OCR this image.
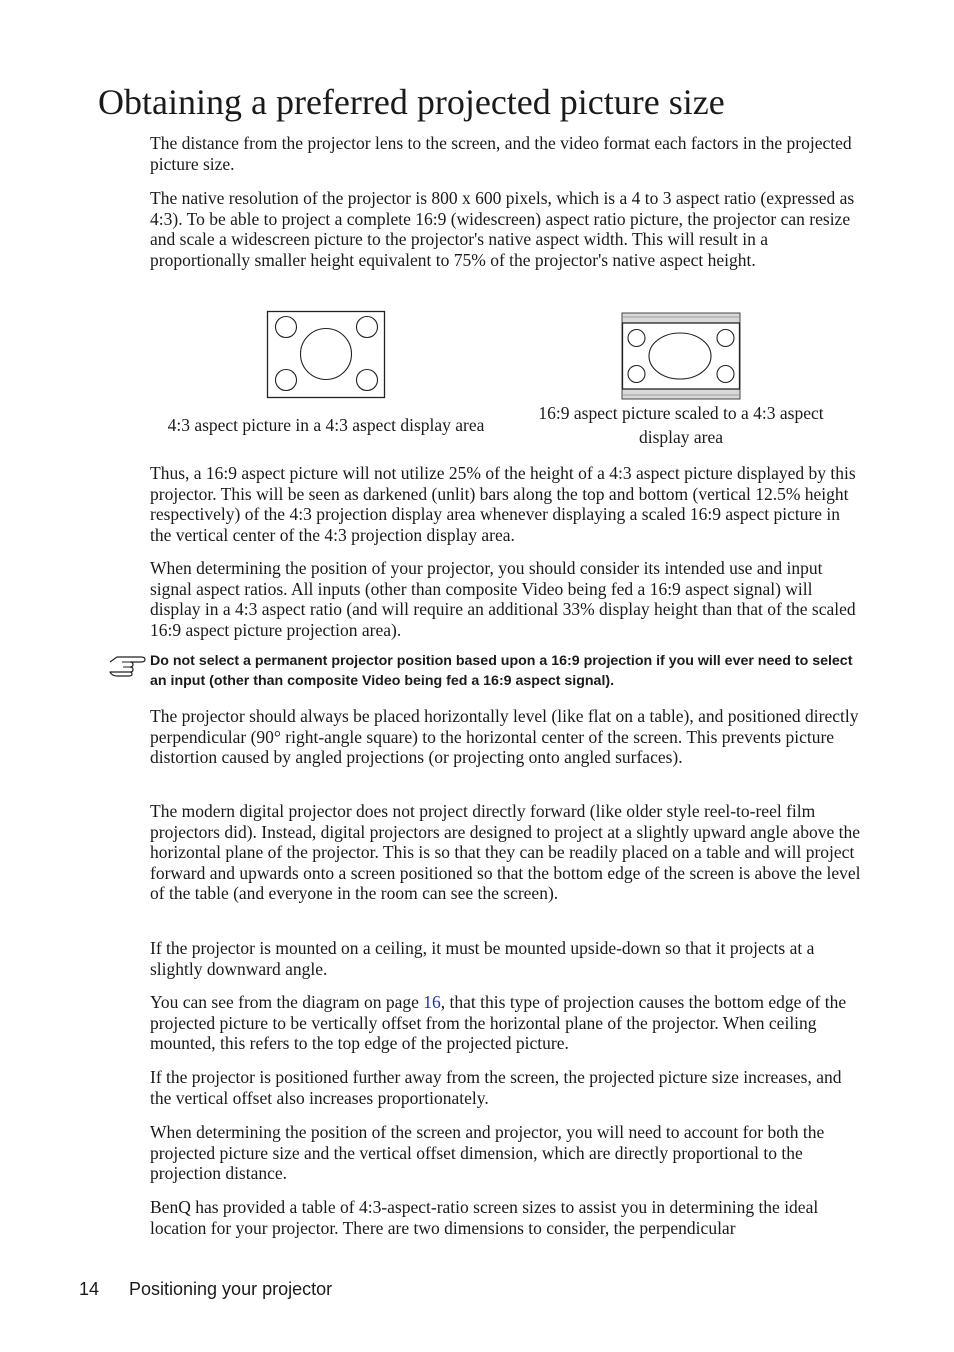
Obtaining a preferred projected picture size

The distance from the projector lens to the screen, and the video format each factors in the projected picture size.

The native resolution of the projector is 800 x 600 pixels, which is a 4 to 3 aspect ratio (expressed as 4:3). To be able to project a complete 16:9 (widescreen) aspect ratio picture, the projector can resize and scale a widescreen picture to the projector's native aspect width. This will result in a proportionally smaller height equivalent to 75% of the projector's native aspect height.

4:3 aspect picture in a 4:3 aspect display area
16:9 aspect picture scaled to a 4:3 aspect display area

Thus, a 16:9 aspect picture will not utilize 25% of the height of a 4:3 aspect picture displayed by this projector. This will be seen as darkened (unlit) bars along the top and bottom (vertical 12.5% height respectively) of the 4:3 projection display area whenever displaying a scaled 16:9 aspect picture in the vertical center of the 4:3 projection display area.

When determining the position of your projector, you should consider its intended use and input signal aspect ratios. All inputs (other than composite Video being fed a 16:9 aspect signal) will display in a 4:3 aspect ratio (and will require an additional 33% display height than that of the scaled 16:9 aspect picture projection area).

Do not select a permanent projector position based upon a 16:9 projection if you will ever need to select an input (other than composite Video being fed a 16:9 aspect signal).

The projector should always be placed horizontally level (like flat on a table), and positioned directly perpendicular (90° right-angle square) to the horizontal center of the screen. This prevents picture distortion caused by angled projections (or projecting onto angled surfaces).

The modern digital projector does not project directly forward (like older style reel-to-reel film projectors did). Instead, digital projectors are designed to project at a slightly upward angle above the horizontal plane of the projector. This is so that they can be readily placed on a table and will project forward and upwards onto a screen positioned so that the bottom edge of the screen is above the level of the table (and everyone in the room can see the screen).

If the projector is mounted on a ceiling, it must be mounted upside-down so that it projects at a slightly downward angle.

You can see from the diagram on page 16, that this type of projection causes the bottom edge of the projected picture to be vertically offset from the horizontal plane of the projector. When ceiling mounted, this refers to the top edge of the projected picture.

If the projector is positioned further away from the screen, the projected picture size increases, and the vertical offset also increases proportionately.

When determining the position of the screen and projector, you will need to account for both the projected picture size and the vertical offset dimension, which are directly proportional to the projection distance.

BenQ has provided a table of 4:3-aspect-ratio screen sizes to assist you in determining the ideal location for your projector. There are two dimensions to consider, the perpendicular

14 Positioning your projector
